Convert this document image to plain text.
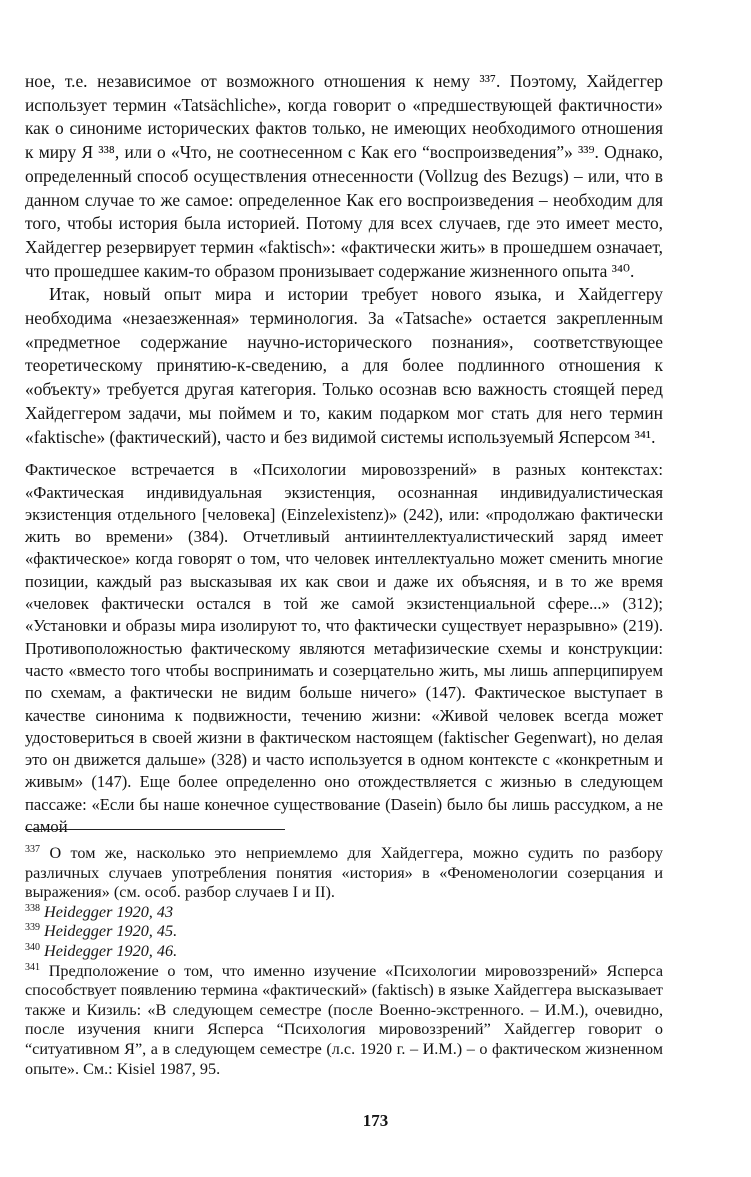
ное, т.е. независимое от возможного отношения к нему ³³⁷. Поэтому, Хайдеггер использует термин «Tatsächliche», когда говорит о «предшествующей фактичности» как о синониме исторических фактов только, не имеющих необходимого отношения к миру Я ³³⁸, или о «Что, не соотнесенном с Как его “воспроизведения”» ³³⁹. Однако, определенный способ осуществления отнесенности (Vollzug des Bezugs) – или, что в данном случае то же самое: определенное Как его воспроизведения – необходим для того, чтобы история была историей. Потому для всех случаев, где это имеет место, Хайдеггер резервирует термин «faktisch»: «фактически жить» в прошедшем означает, что прошедшее каким-то образом пронизывает содержание жизненного опыта ³⁴⁰.

Итак, новый опыт мира и истории требует нового языка, и Хайдеггеру необходима «незаезженная» терминология. За «Tatsache» остается закрепленным «предметное содержание научно-исторического познания», соответствующее теоретическому принятию-к-сведению, а для более подлинного отношения к «объекту» требуется другая категория. Только осознав всю важность стоящей перед Хайдеггером задачи, мы поймем и то, каким подарком мог стать для него термин «faktische» (фактический), часто и без видимой системы используемый Ясперсом ³⁴¹.

Фактическое встречается в «Психологии мировоззрений» в разных контекстах: «Фактическая индивидуальная экзистенция, осознанная индивидуалистическая экзистенция отдельного [человека] (Einzelexistenz)» (242), или: «продолжаю фактически жить во времени» (384). Отчетливый антиинтеллектуалистический заряд имеет «фактическое» когда говорят о том, что человек интеллектуально может сменить многие позиции, каждый раз высказывая их как свои и даже их объясняя, и в то же время «человек фактически остался в той же самой экзистенциальной сфере...» (312); «Установки и образы мира изолируют то, что фактически существует неразрывно» (219). Противоположностью фактическому являются метафизические схемы и конструкции: часто «вместо того чтобы воспринимать и созерцательно жить, мы лишь апперципируем по схемам, а фактически не видим больше ничего» (147). Фактическое выступает в качестве синонима к подвижности, течению жизни: «Живой человек всегда может удостовериться в своей жизни в фактическом настоящем (faktischer Gegenwart), но делая это он движется дальше» (328) и часто используется в одном контексте с «конкретным и живым» (147). Еще более определенно оно отождествляется с жизнью в следующем пассаже: «Если бы наше конечное существование (Dasein) было бы лишь рассудком, а не самой

$^{337}$ О том же, насколько это неприемлемо для Хайдеггера, можно судить по разбору различных случаев употребления понятия «история» в «Феноменологии созерцания и выражения» (см. особ. разбор случаев I и II).

$^{338}$ Heidegger 1920, 43

$^{339}$ Heidegger 1920, 45.

$^{340}$ Heidegger 1920, 46.

$^{341}$ Предположение о том, что именно изучение «Психологии мировоззрений» Ясперса способствует появлению термина «фактический» (faktisch) в языке Хайдеггера высказывает также и Кизиль: «В следующем семестре (после Военно-экстренного. – И.М.), очевидно, после изучения книги Ясперса “Психология мировоззрений” Хайдеггер говорит о “ситуативном Я”, а в следующем семестре (л.с. 1920 г. – И.М.) – о фактическом жизненном опыте». См.: Kisiel 1987, 95.

173
